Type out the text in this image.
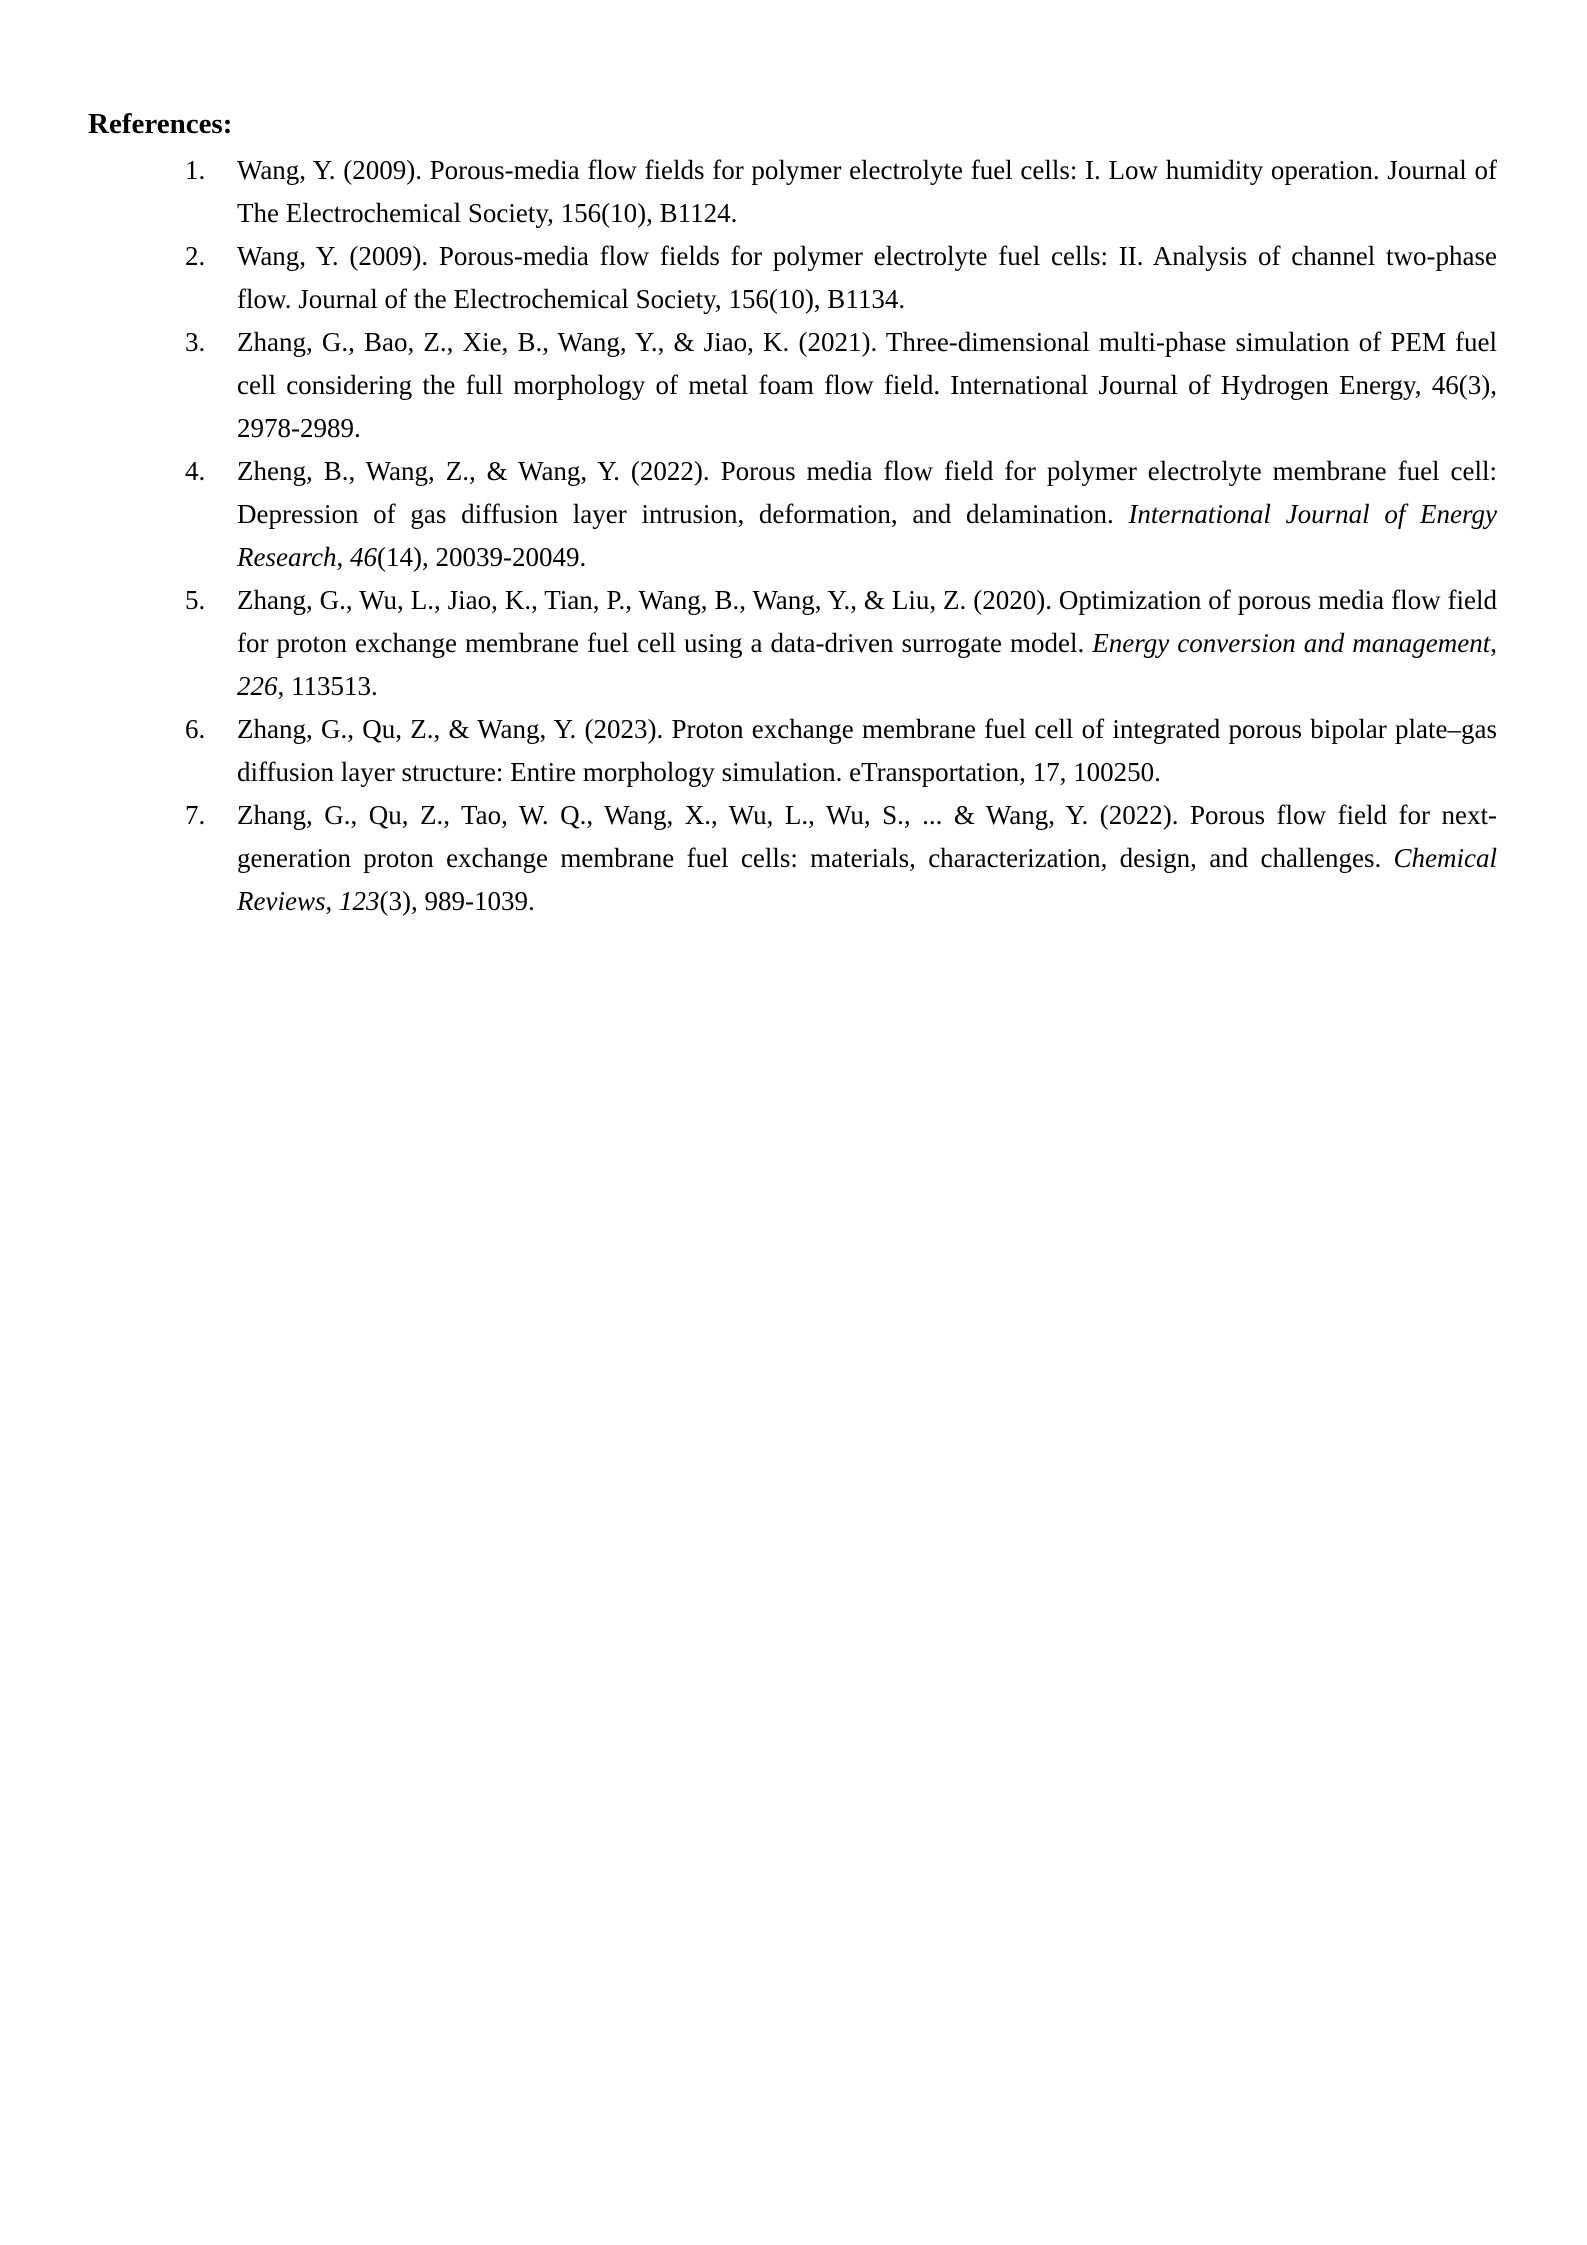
References:
1.	Wang, Y. (2009). Porous-media flow fields for polymer electrolyte fuel cells: I. Low humidity operation. Journal of The Electrochemical Society, 156(10), B1124.
2.	Wang, Y. (2009). Porous-media flow fields for polymer electrolyte fuel cells: II. Analysis of channel two-phase flow. Journal of the Electrochemical Society, 156(10), B1134.
3.	Zhang, G., Bao, Z., Xie, B., Wang, Y., & Jiao, K. (2021). Three-dimensional multi-phase simulation of PEM fuel cell considering the full morphology of metal foam flow field. International Journal of Hydrogen Energy, 46(3), 2978-2989.
4.	Zheng, B., Wang, Z., & Wang, Y. (2022). Porous media flow field for polymer electrolyte membrane fuel cell: Depression of gas diffusion layer intrusion, deformation, and delamination. International Journal of Energy Research, 46(14), 20039-20049.
5.	Zhang, G., Wu, L., Jiao, K., Tian, P., Wang, B., Wang, Y., & Liu, Z. (2020). Optimization of porous media flow field for proton exchange membrane fuel cell using a data-driven surrogate model. Energy conversion and management, 226, 113513.
6.	Zhang, G., Qu, Z., & Wang, Y. (2023). Proton exchange membrane fuel cell of integrated porous bipolar plate–gas diffusion layer structure: Entire morphology simulation. eTransportation, 17, 100250.
7.	Zhang, G., Qu, Z., Tao, W. Q., Wang, X., Wu, L., Wu, S., ... & Wang, Y. (2022). Porous flow field for next-generation proton exchange membrane fuel cells: materials, characterization, design, and challenges. Chemical Reviews, 123(3), 989-1039.
